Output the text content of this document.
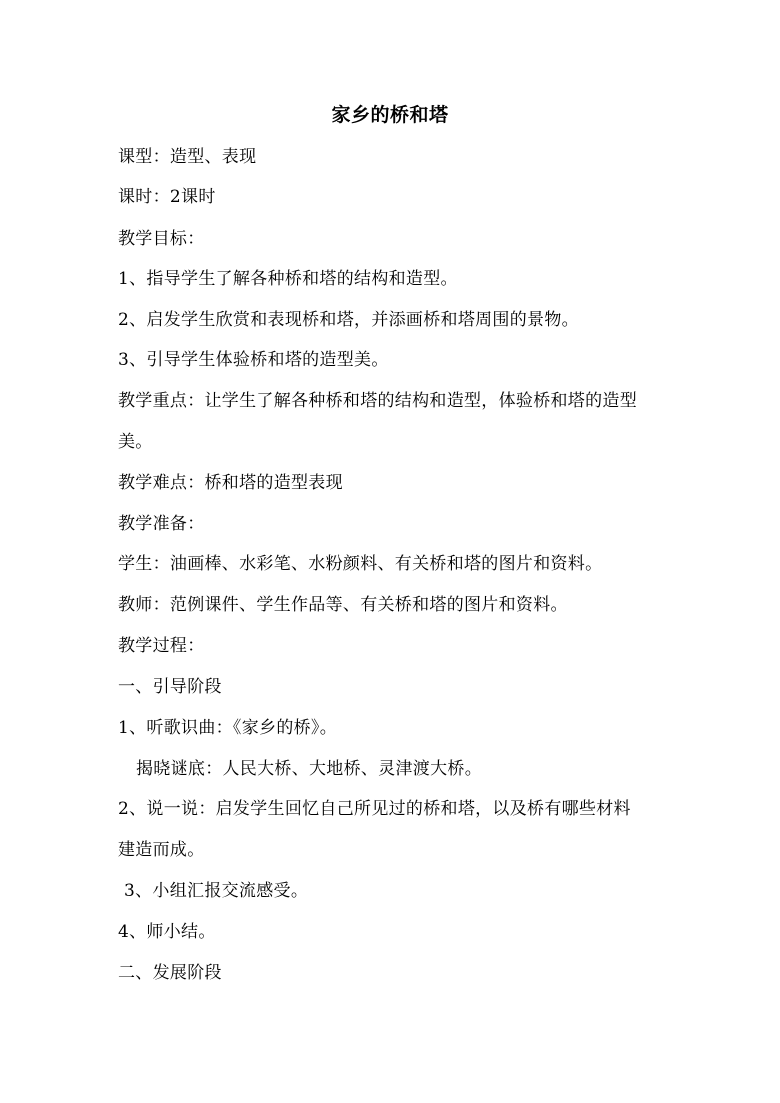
家乡的桥和塔
课型：造型、表现
课时：2课时
教学目标：
1、指导学生了解各种桥和塔的结构和造型。
2、启发学生欣赏和表现桥和塔，并添画桥和塔周围的景物。
3、引导学生体验桥和塔的造型美。
教学重点：让学生了解各种桥和塔的结构和造型，体验桥和塔的造型
美。
教学难点：桥和塔的造型表现
教学准备：
学生：油画棒、水彩笔、水粉颜料、有关桥和塔的图片和资料。
教师：范例课件、学生作品等、有关桥和塔的图片和资料。
教学过程：
一、引导阶段
1、听歌识曲：《家乡的桥》。
揭晓谜底：人民大桥、大地桥、灵津渡大桥。
2、说一说：启发学生回忆自己所见过的桥和塔，以及桥有哪些材料
建造而成。
3、小组汇报交流感受。
4、师小结。
二、发展阶段
